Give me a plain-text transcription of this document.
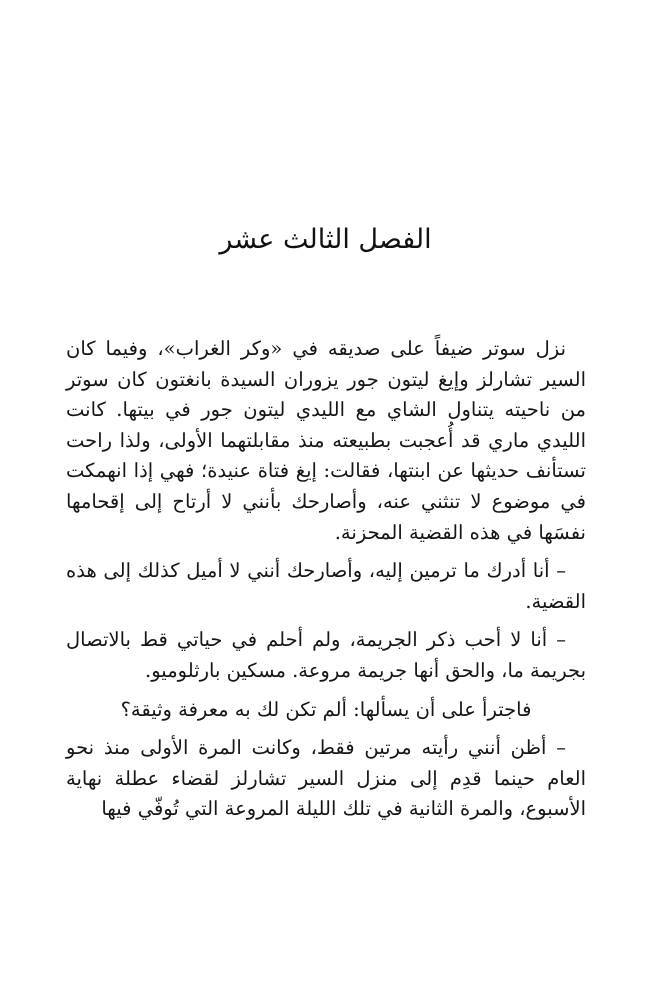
الفصل الثالث عشر

نزل سوتر ضيفاً على صديقه في «وكر الغراب»، وفيما كان السير تشارلز وإيغ ليتون جور يزوران السيدة بانغتون كان سوتر من ناحيته يتناول الشاي مع الليدي ليتون جور في بيتها. كانت الليدي ماري قد أُعجبت بطبيعته منذ مقابلتهما الأولى، ولذا راحت تستأنف حديثها عن ابنتها، فقالت: إيغ فتاة عنيدة؛ فهي إذا انهمكت في موضوع لا تنثني عنه، وأصارحك بأنني لا أرتاح إلى إقحامها نفسَها في هذه القضية المحزنة.

– أنا أدرك ما ترمين إليه، وأصارحك أنني لا أميل كذلك إلى هذه القضية.

– أنا لا أحب ذكر الجريمة، ولم أحلم في حياتي قط بالاتصال بجريمة ما، والحق أنها جريمة مروعة. مسكين بارثلوميو.

فاجترأ على أن يسألها: ألم تكن لك به معرفة وثيقة؟

– أظن أنني رأيته مرتين فقط، وكانت المرة الأولى منذ نحو العام حينما قدِم إلى منزل السير تشارلز لقضاء عطلة نهاية الأسبوع، والمرة الثانية في تلك الليلة المروعة التي تُوفّي فيها
